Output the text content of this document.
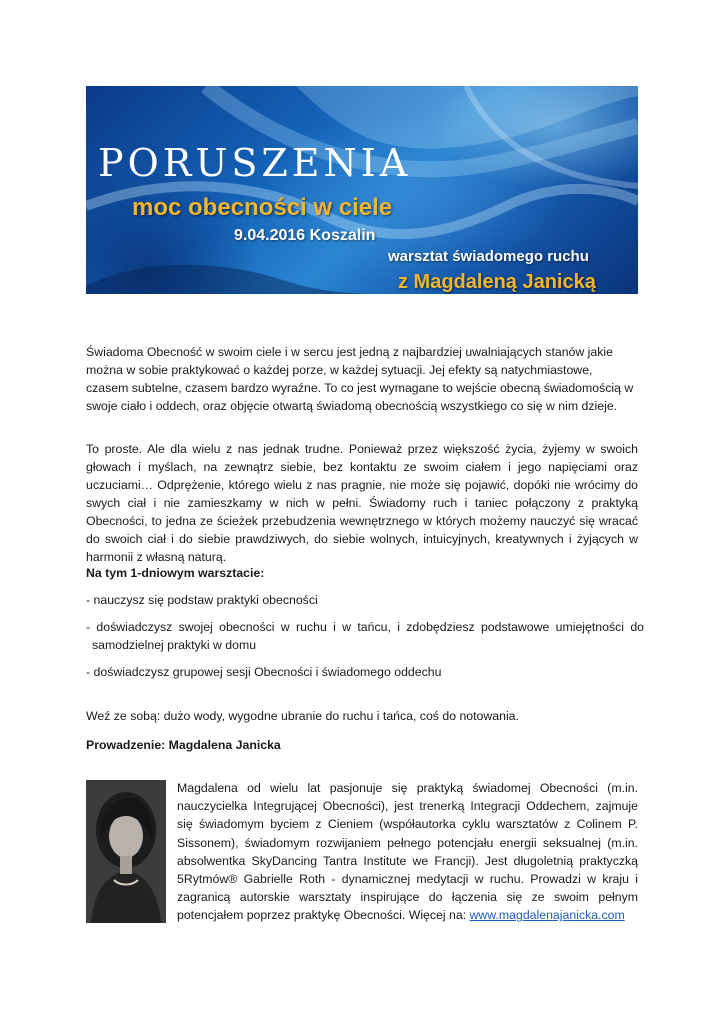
PORUSZENIA
moc obecności w ciele
9.04.2016 Koszalin
warsztat świadomego ruchu
z Magdaleną Janicką

Świadoma Obecność w swoim ciele i w sercu jest jedną z najbardziej uwalniających stanów jakie można w sobie praktykować o każdej porze, w każdej sytuacji. Jej efekty są natychmiastowe, czasem subtelne, czasem bardzo wyraźne. To co jest wymagane to wejście obecną świadomością w swoje ciało i oddech, oraz objęcie otwartą świadomą obecnością wszystkiego co się w nim dzieje.

To proste. Ale dla wielu z nas jednak trudne. Ponieważ przez większość życia, żyjemy w swoich głowach i myślach, na zewnątrz siebie, bez kontaktu ze swoim ciałem i jego napięciami oraz uczuciami… Odprężenie, którego wielu z nas pragnie, nie może się pojawić, dopóki nie wrócimy do swych ciał i nie zamieszkamy w nich w pełni. Świadomy ruch i taniec połączony z praktyką Obecności, to jedna ze ścieżek przebudzenia wewnętrznego w których możemy nauczyć się wracać do swoich ciał i do siebie prawdziwych, do siebie wolnych, intuicyjnych, kreatywnych i żyjących w harmonii z własną naturą.

Na tym 1-dniowym warsztacie:

- nauczysz się podstaw praktyki obecności

- doświadczysz swojej obecności w ruchu i w tańcu, i zdobędziesz podstawowe umiejętności do samodzielnej praktyki w domu

- doświadczysz grupowej sesji Obecności i świadomego oddechu

Weź ze sobą: dużo wody, wygodne ubranie do ruchu i tańca, coś do notowania.

Prowadzenie: Magdalena Janicka

Magdalena od wielu lat pasjonuje się praktyką świadomej Obecności (m.in. nauczycielka Integrującej Obecności), jest trenerką Integracji Oddechem, zajmuje się świadomym byciem z Cieniem (współautorka cyklu warsztatów z Colinem P. Sissonem), świadomym rozwijaniem pełnego potencjału energii seksualnej (m.in. absolwentka SkyDancing Tantra Institute we Francji). Jest długoletnią praktyczką 5Rytmów® Gabrielle Roth - dynamicznej medytacji w ruchu. Prowadzi w kraju i zagranicą autorskie warsztaty inspirujące do łączenia się ze swoim pełnym potencjałem poprzez praktykę Obecności. Więcej na: www.magdalenajanicka.com
